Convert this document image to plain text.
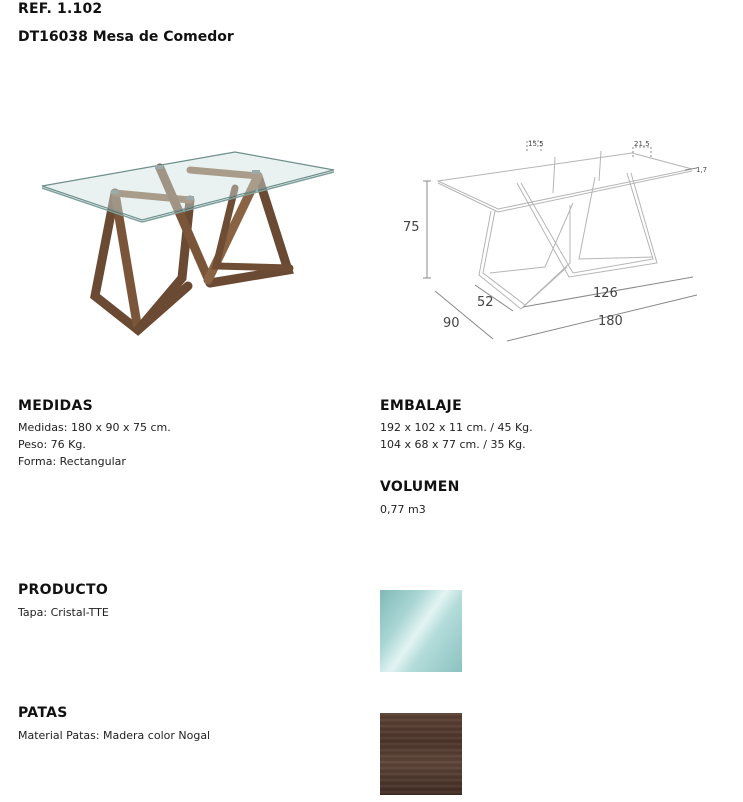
REF. 1.102
DT16038 Mesa de Comedor
75
90
52
126
180
15,5	21,5
1,7
MEDIDAS
Medidas: 180 x 90 x 75 cm.
Peso: 76 Kg.
Forma: Rectangular
EMBALAJE
192 x 102 x 11 cm. / 45 Kg.
104 x 68 x 77 cm. / 35 Kg.
VOLUMEN
0,77 m3
PRODUCTO
Tapa: Cristal-TTE
PATAS
Material Patas: Madera color Nogal
